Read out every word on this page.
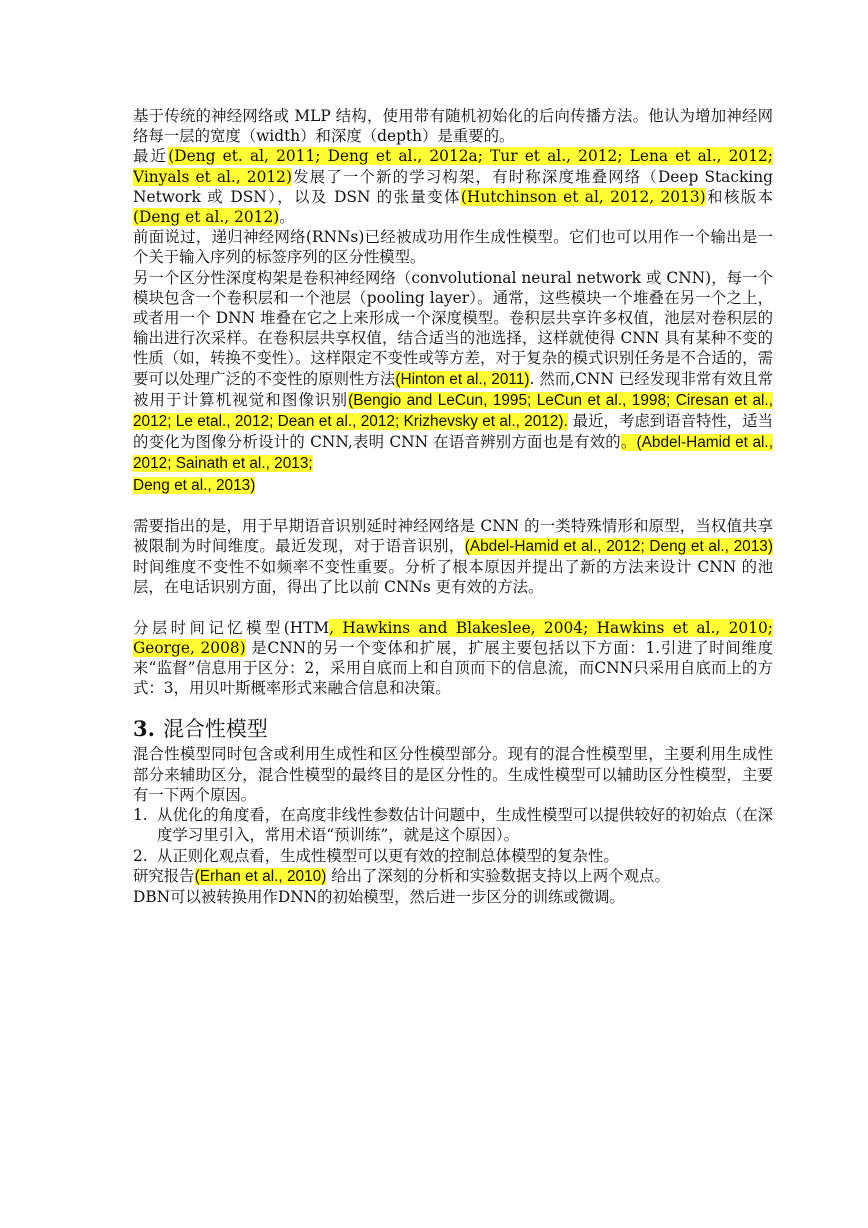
基于传统的神经网络或 MLP 结构，使用带有随机初始化的后向传播方法。他认为增加神经网络每一层的宽度（width）和深度（depth）是重要的。

最近(Deng et. al, 2011; Deng et al., 2012a; Tur et al., 2012; Lena et al., 2012; Vinyals et al., 2012)发展了一个新的学习构架，有时称深度堆叠网络（Deep Stacking Network 或 DSN），以及 DSN 的张量变体(Hutchinson et al, 2012, 2013)和核版本(Deng et al., 2012)。

前面说过，递归神经网络(RNNs)已经被成功用作生成性模型。它们也可以用作一个输出是一个关于输入序列的标签序列的区分性模型。

另一个区分性深度构架是卷积神经网络（convolutional neural network 或 CNN)，每一个模块包含一个卷积层和一个池层（pooling layer）。通常，这些模块一个堆叠在另一个之上，或者用一个 DNN 堆叠在它之上来形成一个深度模型。卷积层共享许多权值，池层对卷积层的输出进行次采样。在卷积层共享权值，结合适当的池选择，这样就使得 CNN 具有某种不变的性质（如，转换不变性）。这样限定不变性或等方差，对于复杂的模式识别任务是不合适的，需要可以处理广泛的不变性的原则性方法(Hinton et al., 2011). 然而,CNN 已经发现非常有效且常被用于计算机视觉和图像识别(Bengio and LeCun, 1995; LeCun et al., 1998; Ciresan et al., 2012; Le etal., 2012; Dean et al., 2012; Krizhevsky et al., 2012). 最近，考虑到语音特性，适当的变化为图像分析设计的 CNN,表明 CNN 在语音辨别方面也是有效的。(Abdel-Hamid et al., 2012; Sainath et al., 2013;
Deng et al., 2013)

需要指出的是，用于早期语音识别延时神经网络是 CNN 的一类特殊情形和原型，当权值共享被限制为时间维度。最近发现，对于语音识别，(Abdel-Hamid et al., 2012; Deng et al., 2013)时间维度不变性不如频率不变性重要。分析了根本原因并提出了新的方法来设计 CNN 的池层，在电话识别方面，得出了比以前 CNNs 更有效的方法。

分层时间记忆模型(HTM, Hawkins and Blakeslee, 2004; Hawkins et al., 2010; George, 2008) 是CNN的另一个变体和扩展，扩展主要包括以下方面：1.引进了时间维度来“监督”信息用于区分：2，采用自底而上和自顶而下的信息流，而CNN只采用自底而上的方式：3，用贝叶斯概率形式来融合信息和决策。

3. 混合性模型

混合性模型同时包含或利用生成性和区分性模型部分。现有的混合性模型里，主要利用生成性部分来辅助区分，混合性模型的最终目的是区分性的。生成性模型可以辅助区分性模型，主要有一下两个原因。

1. 从优化的角度看，在高度非线性参数估计问题中，生成性模型可以提供较好的初始点（在深度学习里引入，常用术语“预训练”，就是这个原因）。
2. 从正则化观点看，生成性模型可以更有效的控制总体模型的复杂性。

研究报告(Erhan et al., 2010) 给出了深刻的分析和实验数据支持以上两个观点。

DBN可以被转换用作DNN的初始模型，然后进一步区分的训练或微调。
